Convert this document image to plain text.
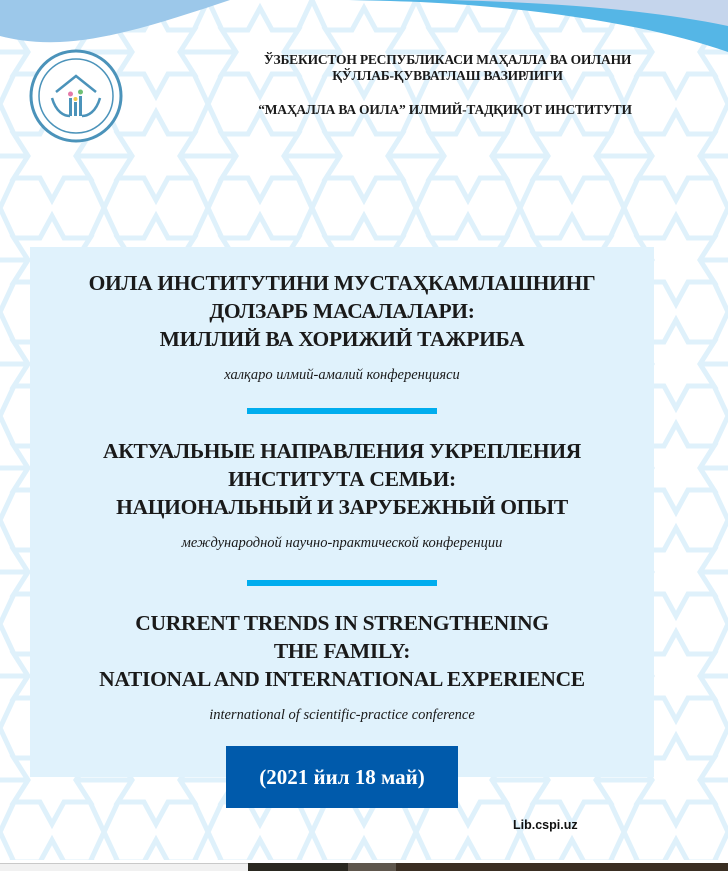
ЎЗБЕКИСТОН РЕСПУБЛИКАСИ МАҲАЛЛА ВА ОИЛАНИ
ҚЎЛЛАБ-ҚУВВАТЛАШ ВАЗИРЛИГИ
“МАҲАЛЛА ВА ОИЛА” ИЛМИЙ-ТАДҚИҚОТ ИНСТИТУТИ
ОИЛА ИНСТИТУТИНИ МУСТАҲКАМЛАШНИНГ
ДОЛЗАРБ МАСАЛАЛАРИ:
МИЛЛИЙ ВА ХОРИЖИЙ ТАЖРИБА
халқаро илмий-амалий конференцияси
АКТУАЛЬНЫЕ НАПРАВЛЕНИЯ УКРЕПЛЕНИЯ
ИНСТИТУТА СЕМЬИ:
НАЦИОНАЛЬНЫЙ И ЗАРУБЕЖНЫЙ ОПЫТ
международной научно-практической конференции
CURRENT TRENDS IN STRENGTHENING
THE FAMILY:
NATIONAL AND INTERNATIONAL EXPERIENCE
international of scientific-practice conference
(2021 йил 18 май)
Lib.cspi.uz
